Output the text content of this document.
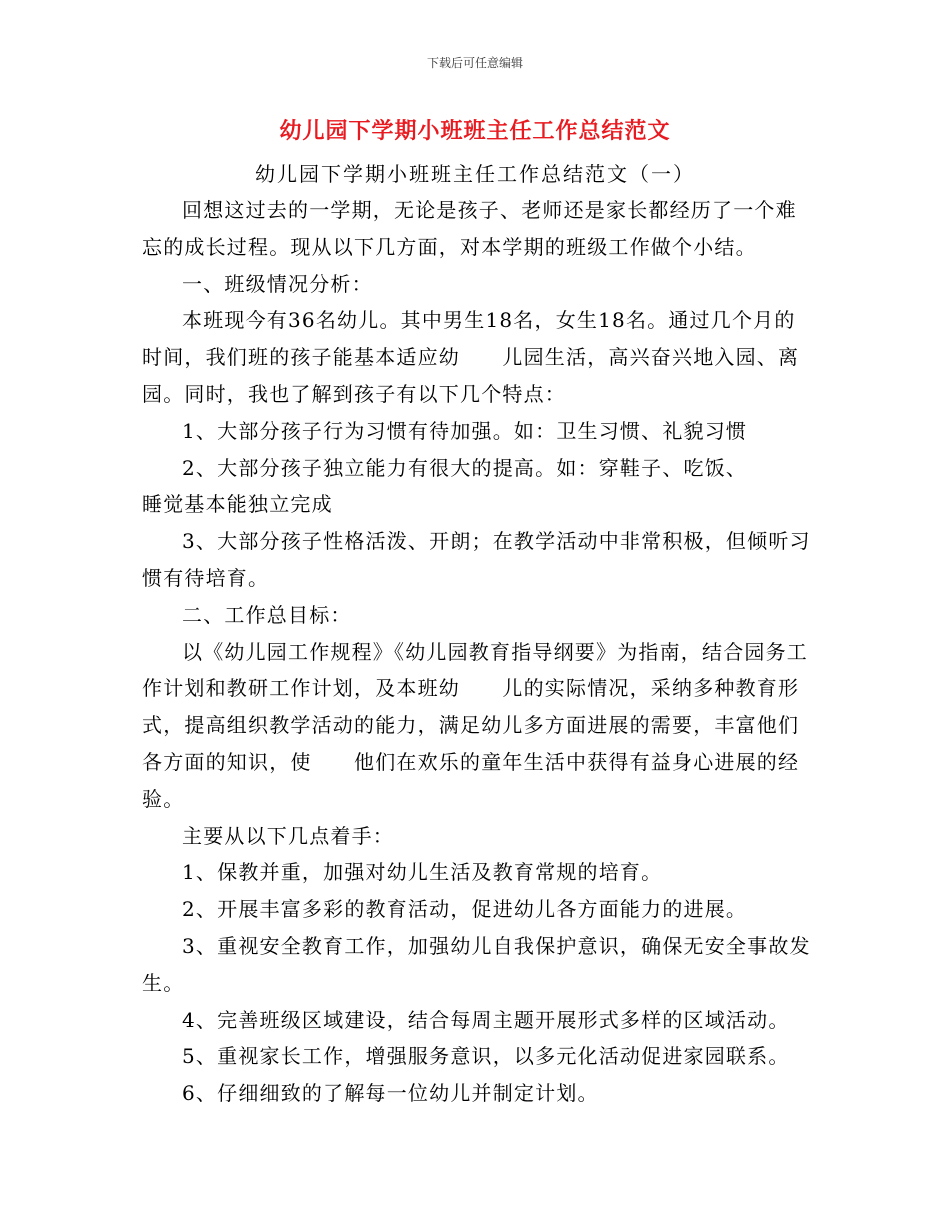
下载后可任意编辑
幼儿园下学期小班班主任工作总结范文
幼儿园下学期小班班主任工作总结范文（一）

回想这过去的一学期，无论是孩子、老师还是家长都经历了一个难忘的成长过程。现从以下几方面，对本学期的班级工作做个小结。

一、班级情况分析：

本班现今有36名幼儿。其中男生18名，女生18名。通过几个月的时间，我们班的孩子能基本适应幼　　儿园生活，高兴奋兴地入园、离园。同时，我也了解到孩子有以下几个特点：

1、大部分孩子行为习惯有待加强。如：卫生习惯、礼貌习惯

2、大部分孩子独立能力有很大的提高。如：穿鞋子、吃饭、　　　睡觉基本能独立完成

3、大部分孩子性格活泼、开朗；在教学活动中非常积极，但倾听习惯有待培育。

二、工作总目标：

以《幼儿园工作规程》《幼儿园教育指导纲要》为指南，结合园务工作计划和教研工作计划，及本班幼　　儿的实际情况，采纳多种教育形式，提高组织教学活动的能力，满足幼儿多方面进展的需要，丰富他们各方面的知识，使　　他们在欢乐的童年生活中获得有益身心进展的经验。

主要从以下几点着手：

1、保教并重，加强对幼儿生活及教育常规的培育。

2、开展丰富多彩的教育活动，促进幼儿各方面能力的进展。

3、重视安全教育工作，加强幼儿自我保护意识，确保无安全事故发生。

4、完善班级区域建设，结合每周主题开展形式多样的区域活动。

5、重视家长工作，增强服务意识，以多元化活动促进家园联系。

6、仔细细致的了解每一位幼儿并制定计划。
